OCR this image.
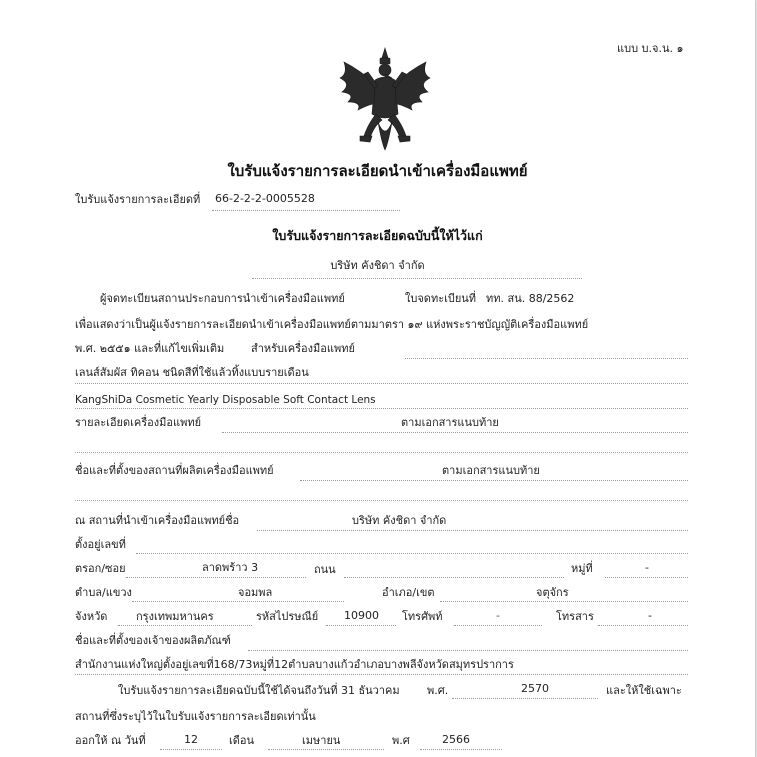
แบบ บ.จ.น. ๑
ใบรับแจ้งรายการละเอียดนำเข้าเครื่องมือแพทย์
ใบรับแจ้งรายการละเอียดที่ 66-2-2-2-0005528
ใบรับแจ้งรายการละเอียดฉบับนี้ให้ไว้แก่
บริษัท คังชิดา จำกัด
ผู้จดทะเบียนสถานประกอบการนำเข้าเครื่องมือแพทย์	ใบจดทะเบียนที่ ทท. สน. 88/2562
เพื่อแสดงว่าเป็นผู้แจ้งรายการละเอียดนำเข้าเครื่องมือแพทย์ตามมาตรา ๑๙ แห่งพระราชบัญญัติเครื่องมือแพทย์
พ.ศ. ๒๕๕๑ และที่แก้ไขเพิ่มเติม สำหรับเครื่องมือแพทย์
เลนส์สัมผัส ทิคอน ชนิดสีที่ใช้แล้วทิ้งแบบรายเดือน
KangShiDa Cosmetic Yearly Disposable Soft Contact Lens
รายละเอียดเครื่องมือแพทย์	ตามเอกสารแนบท้าย
ชื่อและที่ตั้งของสถานที่ผลิตเครื่องมือแพทย์	ตามเอกสารแนบท้าย
ณ สถานที่นำเข้าเครื่องมือแพทย์ชื่อ	บริษัท คังชิดา จำกัด
ตั้งอยู่เลขที่
ตรอก/ซอย	ลาดพร้าว 3	ถนน	หมู่ที่	-
ตำบล/แขวง	จอมพล	อำเภอ/เขต	จตุจักร
จังหวัด	กรุงเทพมหานคร	รหัสไปรษณีย์ 10900 โทรศัพท์	-	โทรสาร	-
ชื่อและที่ตั้งของเจ้าของผลิตภัณฑ์
สำนักงานแห่งใหญ่ตั้งอยู่เลขที่168/73หมู่ที่12ตำบลบางแก้วอำเภอบางพลีจังหวัดสมุทรปราการ
ใบรับแจ้งรายการละเอียดฉบับนี้ใช้ได้จนถึงวันที่ 31 ธันวาคม พ.ศ.	2570	และให้ใช้เฉพาะ
สถานที่ซึ่งระบุไว้ในใบรับแจ้งรายการละเอียดเท่านั้น
ออกให้ ณ วันที่	12	เดือน	เมษายน	พ.ศ	2566
